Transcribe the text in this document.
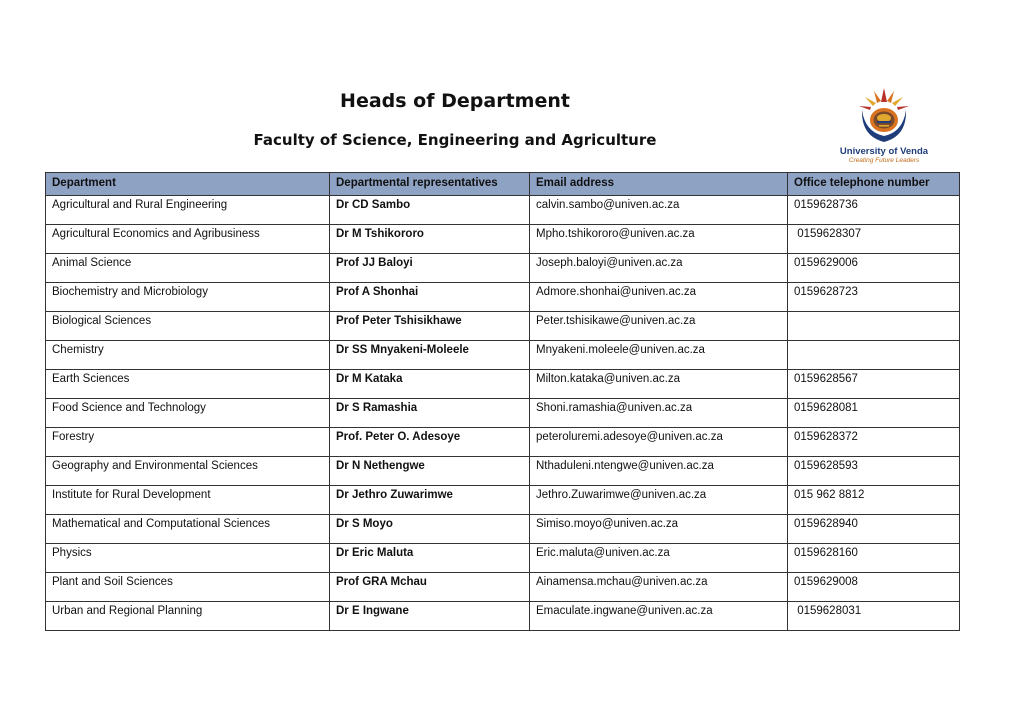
Heads of Department
Faculty of Science, Engineering and Agriculture
University of Venda
Creating Future Leaders
Department	Departmental representatives	Email address	Office telephone number
Agricultural and Rural Engineering	Dr CD Sambo	calvin.sambo@univen.ac.za	0159628736
Agricultural Economics and Agribusiness	Dr M Tshikororo	Mpho.tshikororo@univen.ac.za	0159628307
Animal Science	Prof JJ Baloyi	Joseph.baloyi@univen.ac.za	0159629006
Biochemistry and Microbiology	Prof A Shonhai	Admore.shonhai@univen.ac.za	0159628723
Biological Sciences	Prof Peter Tshisikhawe	Peter.tshisikawe@univen.ac.za	
Chemistry	Dr SS Mnyakeni-Moleele	Mnyakeni.moleele@univen.ac.za	
Earth Sciences	Dr M Kataka	Milton.kataka@univen.ac.za	0159628567
Food Science and Technology	Dr S Ramashia	Shoni.ramashia@univen.ac.za	0159628081
Forestry	Prof. Peter O. Adesoye	peteroluremi.adesoye@univen.ac.za	0159628372
Geography and Environmental Sciences	Dr N Nethengwe	Nthaduleni.ntengwe@univen.ac.za	0159628593
Institute for Rural Development	Dr Jethro Zuwarimwe	Jethro.Zuwarimwe@univen.ac.za	015 962 8812
Mathematical and Computational Sciences	Dr S Moyo	Simiso.moyo@univen.ac.za	0159628940
Physics	Dr Eric Maluta	Eric.maluta@univen.ac.za	0159628160
Plant and Soil Sciences	Prof GRA Mchau	Ainamensa.mchau@univen.ac.za	0159629008
Urban and Regional Planning	Dr E Ingwane	Emaculate.ingwane@univen.ac.za	0159628031
